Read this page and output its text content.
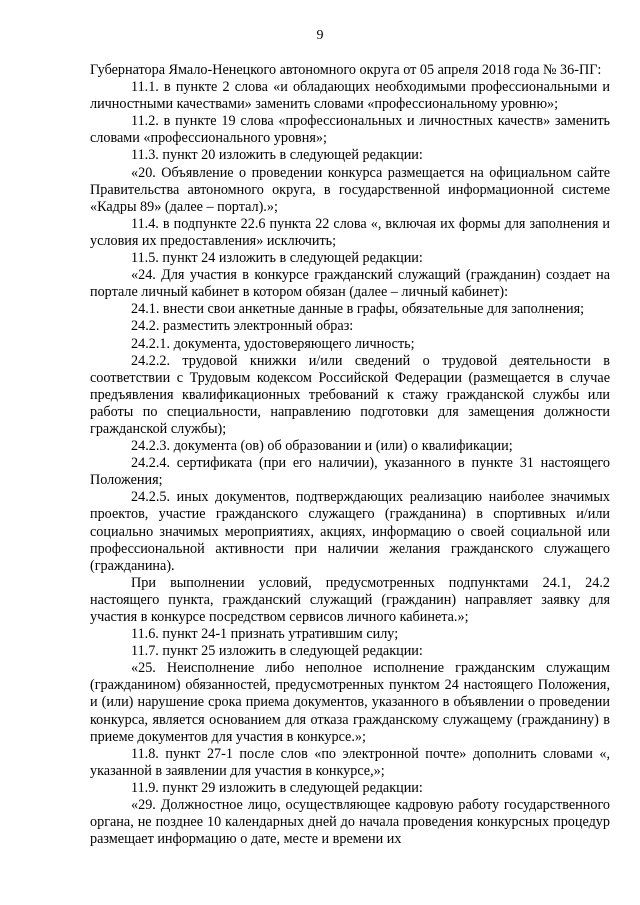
9

Губернатора Ямало-Ненецкого автономного округа от 05 апреля 2018 года № 36-ПГ:

11.1. в пункте 2 слова «и обладающих необходимыми профессиональными и личностными качествами» заменить словами «профессиональному уровню»;

11.2. в пункте 19 слова «профессиональных и личностных качеств» заменить словами «профессионального уровня»;

11.3. пункт 20 изложить в следующей редакции:

«20. Объявление о проведении конкурса размещается на официальном сайте Правительства автономного округа, в государственной информационной системе «Кадры 89» (далее – портал).»;

11.4. в подпункте 22.6 пункта 22 слова «, включая их формы для заполнения и условия их предоставления» исключить;

11.5. пункт 24 изложить в следующей редакции:

«24. Для участия в конкурсе гражданский служащий (гражданин) создает на портале личный кабинет в котором обязан (далее – личный кабинет):

24.1. внести свои анкетные данные в графы, обязательные для заполнения;

24.2. разместить электронный образ:

24.2.1. документа, удостоверяющего личность;

24.2.2. трудовой книжки и/или сведений о трудовой деятельности в соответствии с Трудовым кодексом Российской Федерации (размещается в случае предъявления квалификационных требований к стажу гражданской службы или работы по специальности, направлению подготовки для замещения должности гражданской службы);

24.2.3. документа (ов) об образовании и (или) о квалификации;

24.2.4. сертификата (при его наличии), указанного в пункте 31 настоящего Положения;

24.2.5. иных документов, подтверждающих реализацию наиболее значимых проектов, участие гражданского служащего (гражданина) в спортивных и/или социально значимых мероприятиях, акциях, информацию о своей социальной или профессиональной активности при наличии желания гражданского служащего (гражданина).

При выполнении условий, предусмотренных подпунктами 24.1, 24.2 настоящего пункта, гражданский служащий (гражданин) направляет заявку для участия в конкурсе посредством сервисов личного кабинета.»;

11.6. пункт 24-1 признать утратившим силу;

11.7. пункт 25 изложить в следующей редакции:

«25. Неисполнение либо неполное исполнение гражданским служащим (гражданином) обязанностей, предусмотренных пунктом 24 настоящего Положения, и (или) нарушение срока приема документов, указанного в объявлении о проведении конкурса, является основанием для отказа гражданскому служащему (гражданину) в приеме документов для участия в конкурсе.»;

11.8. пункт 27-1 после слов «по электронной почте» дополнить словами «, указанной в заявлении для участия в конкурсе,»;

11.9. пункт 29 изложить в следующей редакции:

«29. Должностное лицо, осуществляющее кадровую работу государственного органа, не позднее 10 календарных дней до начала проведения конкурсных процедур размещает информацию о дате, месте и времени их
